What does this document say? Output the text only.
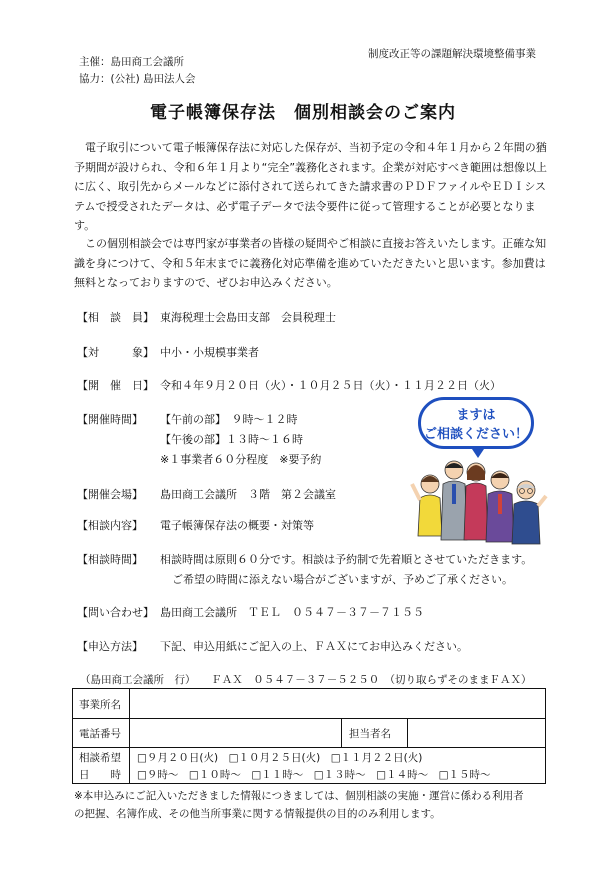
主催：島田商工会議所
協力：(公社) 島田法人会
制度改正等の課題解決環境整備事業
電子帳簿保存法　個別相談会のご案内

電子取引について電子帳簿保存法に対応した保存が、当初予定の令和４年１月から２年間の猶予期間が設けられ、令和６年１月より“完全”義務化されます。企業が対応すべき範囲は想像以上に広く、取引先からメールなどに添付されて送られてきた請求書のＰＤＦファイルやＥＤＩシステムで授受されたデータは、必ず電子データで法令要件に従って管理することが必要となります。

この個別相談会では専門家が事業者の皆様の疑問やご相談に直接お答えいたします。正確な知識を身につけて、令和５年末までに義務化対応準備を進めていただきたいと思います。参加費は無料となっておりますので、ぜひお申込みください。

【相　談　員】 東海税理士会島田支部　会員税理士
【対　　　象】 中小・小規模事業者
【開　催　日】 令和４年９月２０日（火）・１０月２５日（火）・１１月２２日（火）
【開催時間】	【午前の部】　９時～１２時
【午後の部】１３時～１６時
※１事業者６０分程度　※要予約
【開催会場】	島田商工会議所　３階　第２会議室
【相談内容】	電子帳簿保存法の概要・対策等
【相談時間】	相談時間は原則６０分です。相談は予約制で先着順とさせていただきます。
ご希望の時間に添えない場合がございますが、予めご了承ください。
【問い合わせ】 島田商工会議所　ＴＥＬ　０５４７－３７－７１５５
【申込方法】	下記、申込用紙にご記入の上、ＦＡＸにてお申込みください。
ますは
ご相談ください！
（島田商工会議所　行）　　ＦＡＸ　０５４７－３７－５２５０　（切り取らずそのままＦＡＸ）
事業所名
電話番号	担当者名
相談希望
日　　時
□９月２０日(火)　□１０月２５日(火)　□１１月２２日(火)
□９時～　□１０時～　□１１時～　□１３時～　□１４時～　□１５時～
※本申込みにご記入いただきました情報につきましては、個別相談の実施・運営に係わる利用者
の把握、名簿作成、その他当所事業に関する情報提供の目的のみ利用します。
